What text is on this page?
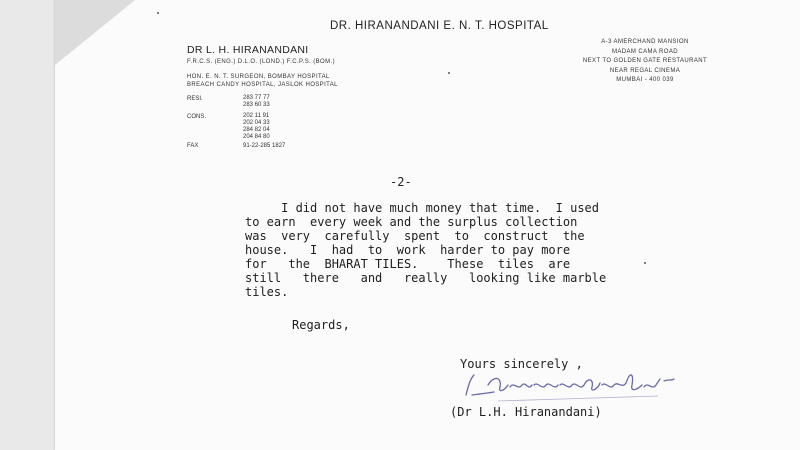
DR. HIRANANDANI E. N. T. HOSPITAL
DR L. H. HIRANANDANI
F.R.C.S. (ENG.) D.L.O. (LOND.) F.C.P.S. (BOM.)
HON. E. N. T. SURGEON, BOMBAY HOSPITAL
BREACH CANDY HOSPITAL, JASLOK HOSPITAL
A-3 AMERCHAND MANSION
MADAM CAMA ROAD
NEXT TO GOLDEN GATE RESTAURANT
NEAR REGAL CINEMA
MUMBAI - 400 039
RESI.	283 77 77
283 60 33
CONS.	202 11 91
202 04 33
284 82 04
204 84 80
FAX	91-22-285 1827
-2-
I did not have much money that time.  I used
to earn  every week and the surplus collection
was  very  carefully  spent  to  construct  the
house.   I  had  to  work  harder to pay more
for   the  BHARAT TILES.    These  tiles  are
still   there   and   really   looking like marble
tiles.
Regards,
Yours sincerely ,
(Dr L.H. Hiranandani)
